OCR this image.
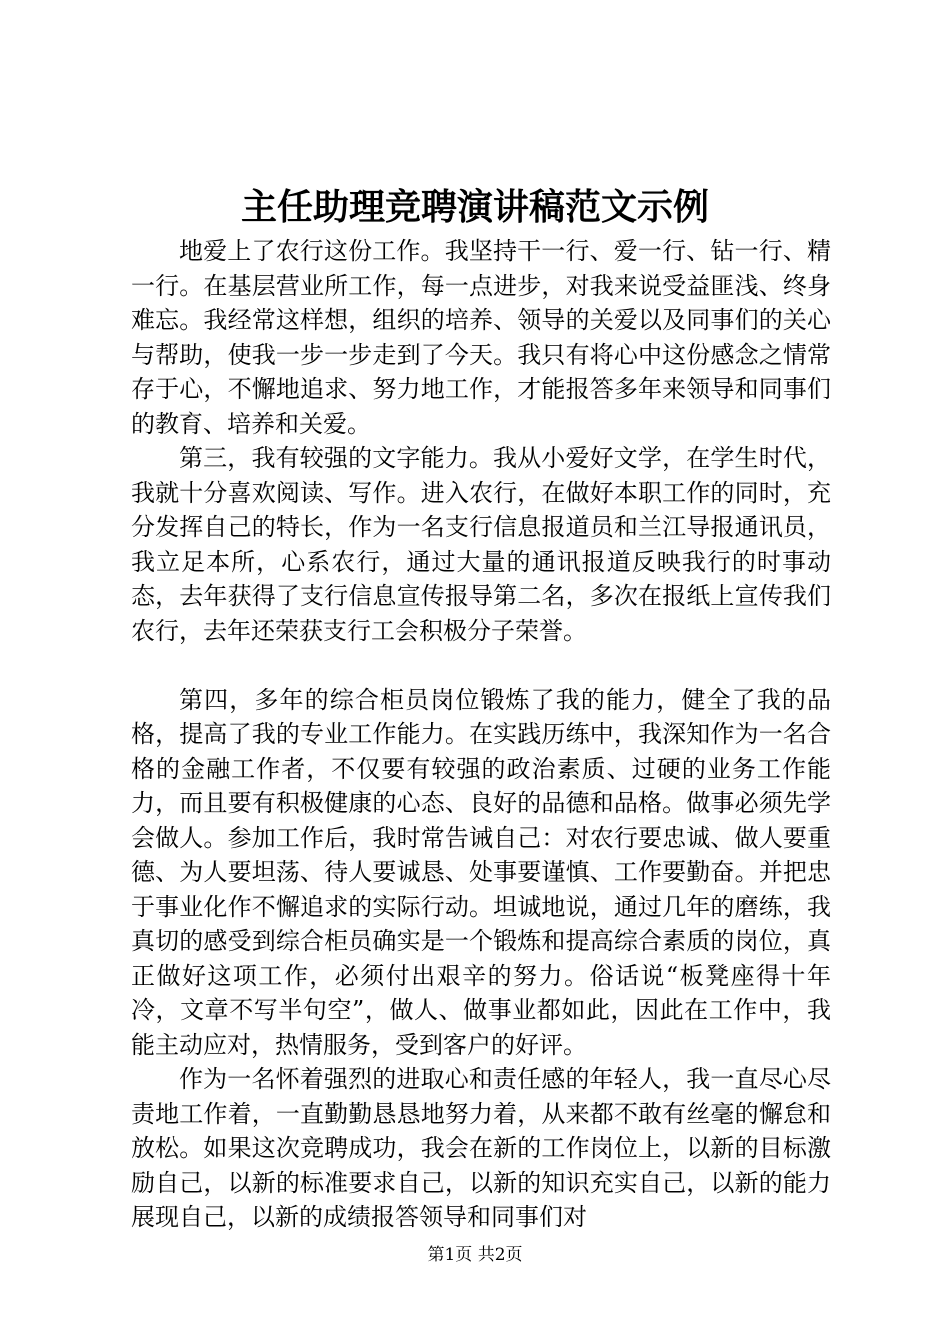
主任助理竞聘演讲稿范文示例

地爱上了农行这份工作。我坚持干一行、爱一行、钻一行、精一行。在基层营业所工作，每一点进步，对我来说受益匪浅、终身难忘。我经常这样想，组织的培养、领导的关爱以及同事们的关心与帮助，使我一步一步走到了今天。我只有将心中这份感念之情常存于心，不懈地追求、努力地工作，才能报答多年来领导和同事们的教育、培养和关爱。

第三，我有较强的文字能力。我从小爱好文学，在学生时代，我就十分喜欢阅读、写作。进入农行，在做好本职工作的同时，充分发挥自己的特长，作为一名支行信息报道员和兰江导报通讯员，我立足本所，心系农行，通过大量的通讯报道反映我行的时事动态，去年获得了支行信息宣传报导第二名，多次在报纸上宣传我们农行，去年还荣获支行工会积极分子荣誉。

第四，多年的综合柜员岗位锻炼了我的能力，健全了我的品格，提高了我的专业工作能力。在实践历练中，我深知作为一名合格的金融工作者，不仅要有较强的政治素质、过硬的业务工作能力，而且要有积极健康的心态、良好的品德和品格。做事必须先学会做人。参加工作后，我时常告诫自己：对农行要忠诚、做人要重德、为人要坦荡、待人要诚恳、处事要谨慎、工作要勤奋。并把忠于事业化作不懈追求的实际行动。坦诚地说，通过几年的磨练，我真切的感受到综合柜员确实是一个锻炼和提高综合素质的岗位，真正做好这项工作，必须付出艰辛的努力。俗话说“板凳座得十年冷，文章不写半句空”，做人、做事业都如此，因此在工作中，我能主动应对，热情服务，受到客户的好评。

作为一名怀着强烈的进取心和责任感的年轻人，我一直尽心尽责地工作着，一直勤勤恳恳地努力着，从来都不敢有丝毫的懈怠和放松。如果这次竞聘成功，我会在新的工作岗位上，以新的目标激励自己，以新的标准要求自己，以新的知识充实自己，以新的能力展现自己，以新的成绩报答领导和同事们对

第1页 共2页
